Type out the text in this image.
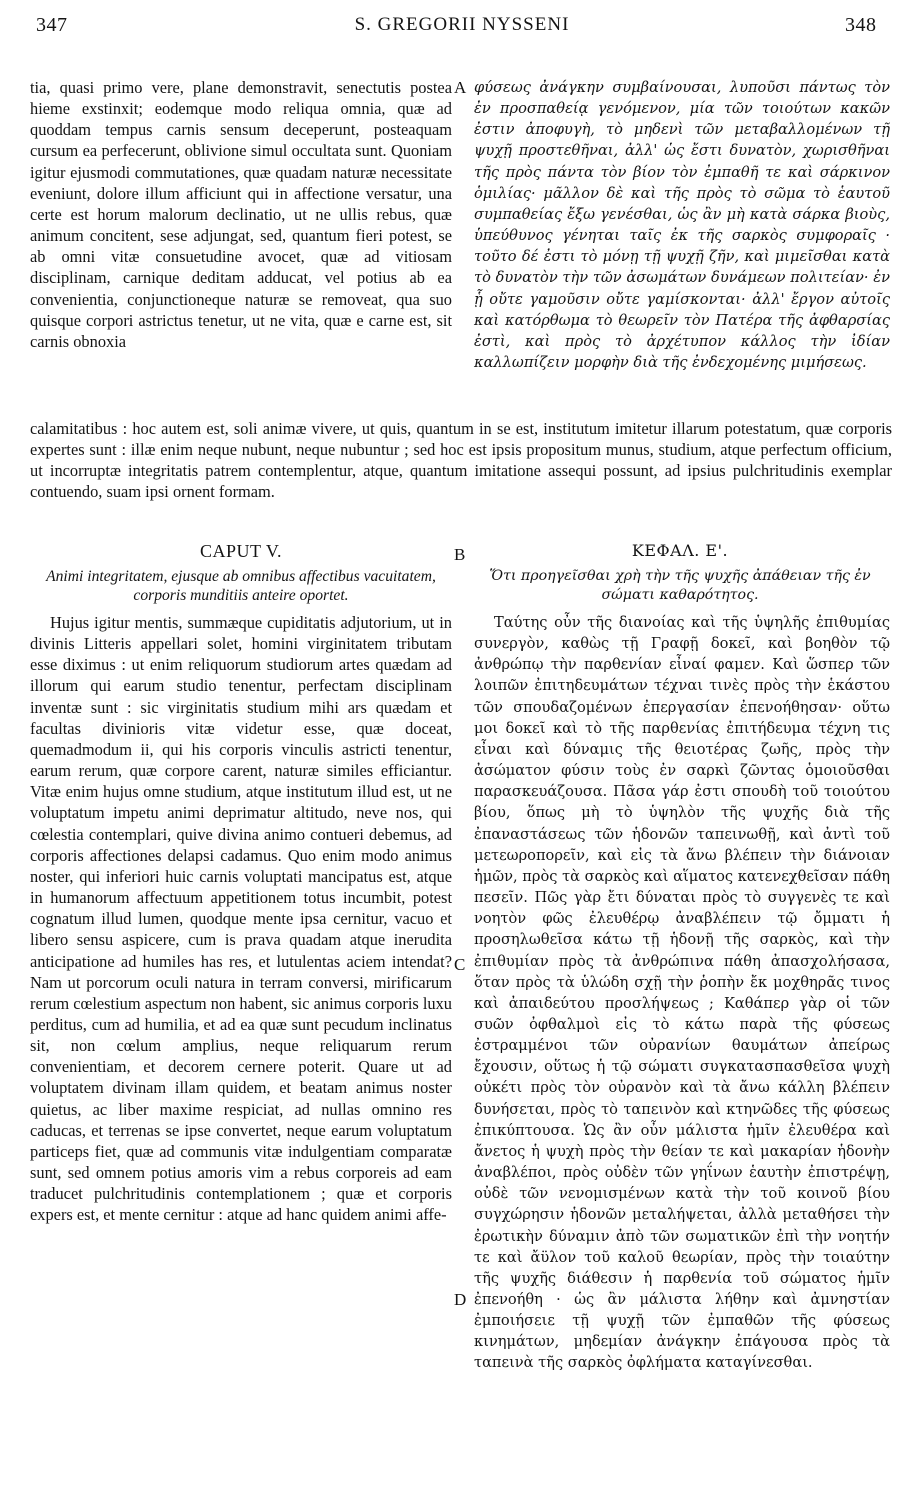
347	S. GREGORII NYSSENI	348

tia, quasi primo vere, plane demonstravit, senectutis postea hieme exstinxit; eodemque modo reliqua omnia, quæ ad quoddam tempus carnis sensum deceperunt, posteaquam cursum ea perfecerunt, oblivione simul occultata sunt. Quoniam igitur ejusmodi commutationes, quæ quadam naturæ necessitate eveniunt, dolore illum afficiunt qui in affectione versatur, una certe est horum malorum declinatio, ut ne ullis rebus, quæ animum concitent, sese adjungat, sed, quantum fieri potest, se ab omni vitæ consuetudine avocet, quæ ad vitiosam disciplinam, carnique deditam adducat, vel potius ab ea convenientia, conjunctioneque naturæ se removeat, qua suo quisque corpori astrictus tenetur, ut ne vita, quæ e carne est, sit carnis obnoxia

φύσεως ἀνάγκην συμβαίνουσαι, λυποῦσι πάντως τὸν ἐν προσπαθείᾳ γενόμενον, μία τῶν τοιούτων κακῶν ἐστιν ἀποφυγὴ, τὸ μηδενὶ τῶν μεταβαλλομένων τῇ ψυχῇ προστεθῆναι, ἀλλ' ὡς ἔστι δυνατὸν, χωρισθῆναι τῆς πρὸς πάντα τὸν βίον τὸν ἐμπαθῆ τε καὶ σάρκινον ὁμιλίας· μᾶλλον δὲ καὶ τῆς πρὸς τὸ σῶμα τὸ ἑαυτοῦ συμπαθείας ἔξω γενέσθαι, ὡς ἂν μὴ κατὰ σάρκα βιοὺς, ὑπεύθυνος γένηται ταῖς ἐκ τῆς σαρκὸς συμφοραῖς · τοῦτο δέ ἐστι τὸ μόνῃ τῇ ψυχῇ ζῆν, καὶ μιμεῖσθαι κατὰ τὸ δυνατὸν τὴν τῶν ἀσωμάτων δυνάμεων πολιτείαν· ἐν ᾗ οὔτε γαμοῦσιν οὔτε γαμίσκονται· ἀλλ' ἔργον αὐτοῖς καὶ κατόρθωμα τὸ θεωρεῖν τὸν Πατέρα τῆς ἀφθαρσίας ἐστὶ, καὶ πρὸς τὸ ἀρχέτυπον κάλλος τὴν ἰδίαν καλλωπίζειν μορφὴν διὰ τῆς ἐνδεχομένης μιμήσεως.

calamitatibus : hoc autem est, soli animæ vivere, ut quis, quantum in se est, institutum imitetur illarum potestatum, quæ corporis expertes sunt : illæ enim neque nubunt, neque nubuntur ; sed hoc est ipsis propositum munus, studium, atque perfectum officium, ut incorruptæ integritatis patrem contemplentur, atque, quantum imitatione assequi possunt, ad ipsius pulchritudinis exemplar contuendo, suam ipsi ornent formam.
CAPUT V.	ΚΕΦΑΛ. Ε'.
Animi integritatem, ejusque ab omnibus affectibus vacuitatem, corporis munditiis anteire oportet.
Ὅτι προηγεῖσθαι χρὴ τὴν τῆς ψυχῆς ἀπάθειαν τῆς ἐν σώματι καθαρότητος.

Hujus igitur mentis, summæque cupiditatis adjutorium, ut in divinis Litteris appellari solet, homini virginitatem tributam esse diximus : ut enim reliquorum studiorum artes quædam ad illorum qui earum studio tenentur, perfectam disciplinam inventæ sunt : sic virginitatis studium mihi ars quædam et facultas divinioris vitæ videtur esse, quæ doceat, quemadmodum ii, qui his corporis vinculis astricti tenentur, earum rerum, quæ corpore carent, naturæ similes efficiantur. Vitæ enim hujus omne studium, atque institutum illud est, ut ne voluptatum impetu animi deprimatur altitudo, neve nos, qui cœlestia contemplari, quive divina animo contueri debemus, ad corporis affectiones delapsi cadamus. Quo enim modo animus noster, qui inferiori huic carnis voluptati mancipatus est, atque in humanorum affectuum appetitionem totus incumbit, potest cognatum illud lumen, quodque mente ipsa cernitur, vacuo et libero sensu aspicere, cum is prava quadam atque inerudita anticipatione ad humiles has res, et lutulentas aciem intendat? Nam ut porcorum oculi natura in terram conversi, mirificarum rerum cœlestium aspectum non habent, sic animus corporis luxu perditus, cum ad humilia, et ad ea quæ sunt pecudum inclinatus sit, non cœlum amplius, neque reliquarum rerum convenientiam, et decorem cernere poterit. Quare ut ad voluptatem divinam illam quidem, et beatam animus noster quietus, ac liber maxime respiciat, ad nullas omnino res caducas, et terrenas se ipse convertet, neque earum voluptatum particeps fiet, quæ ad communis vitæ indulgentiam comparatæ sunt, sed omnem potius amoris vim a rebus corporeis ad eam traducet pulchritudinis contemplationem ; quæ et corporis expers est, et mente cernitur : atque ad hanc quidem animi affe-

Ταύτης οὖν τῆς διανοίας καὶ τῆς ὑψηλῆς ἐπιθυμίας συνεργὸν, καθὼς τῇ Γραφῇ δοκεῖ, καὶ βοηθὸν τῷ ἀνθρώπῳ τὴν παρθενίαν εἶναί φαμεν. Καὶ ὥσπερ τῶν λοιπῶν ἐπιτηδευμάτων τέχναι τινὲς πρὸς τὴν ἑκάστου τῶν σπουδαζομένων ἐπεργασίαν ἐπενοήθησαν· οὕτω μοι δοκεῖ καὶ τὸ τῆς παρθενίας ἐπιτήδευμα τέχνη τις εἶναι καὶ δύναμις τῆς θειοτέρας ζωῆς, πρὸς τὴν ἀσώματον φύσιν τοὺς ἐν σαρκὶ ζῶντας ὁμοιοῦσθαι παρασκευάζουσα. Πᾶσα γάρ ἐστι σπουδὴ τοῦ τοιούτου βίου, ὅπως μὴ τὸ ὑψηλὸν τῆς ψυχῆς διὰ τῆς ἐπαναστάσεως τῶν ἡδονῶν ταπεινωθῇ, καὶ ἀντὶ τοῦ μετεωροπορεῖν, καὶ εἰς τὰ ἄνω βλέπειν τὴν διάνοιαν ἡμῶν, πρὸς τὰ σαρκὸς καὶ αἵματος κατενεχθεῖσαν πάθη πεσεῖν. Πῶς γὰρ ἔτι δύναται πρὸς τὸ συγγενὲς τε καὶ νοητὸν φῶς ἐλευθέρῳ ἀναβλέπειν τῷ ὄμματι ἡ προσηλωθεῖσα κάτω τῇ ἡδονῇ τῆς σαρκὸς, καὶ τὴν ἐπιθυμίαν πρὸς τὰ ἀνθρώπινα πάθη ἀπασχολήσασα, ὅταν πρὸς τὰ ὑλώδη σχῇ τὴν ῥοπὴν ἔκ μοχθηρᾶς τινος καὶ ἀπαιδεύτου προσλήψεως ; Καθάπερ γὰρ οἱ τῶν συῶν ὀφθαλμοὶ εἰς τὸ κάτω παρὰ τῆς φύσεως ἐστραμμένοι τῶν οὐρανίων θαυμάτων ἀπείρως ἔχουσιν, οὕτως ἡ τῷ σώματι συγκατασπασθεῖσα ψυχὴ οὐκέτι πρὸς τὸν οὐρανὸν καὶ τὰ ἄνω κάλλη βλέπειν δυνήσεται, πρὸς τὸ ταπεινὸν καὶ κτηνῶδες τῆς φύσεως ἐπικύπτουσα. Ὡς ἂν οὖν μάλιστα ἡμῖν ἐλευθέρα καὶ ἄνετος ἡ ψυχὴ πρὸς τὴν θείαν τε καὶ μακαρίαν ἡδονὴν ἀναβλέποι, πρὸς οὐδὲν τῶν γηΐνων ἑαυτὴν ἐπιστρέψῃ, οὐδὲ τῶν νενομισμένων κατὰ τὴν τοῦ κοινοῦ βίου συγχώρησιν ἡδονῶν μεταλήψεται, ἀλλὰ μεταθήσει τὴν ἐρωτικὴν δύναμιν ἀπὸ τῶν σωματικῶν ἐπὶ τὴν νοητήν τε καὶ ἄϋλον τοῦ καλοῦ θεωρίαν, πρὸς τὴν τοιαύτην τῆς ψυχῆς διάθεσιν ἡ παρθενία τοῦ σώματος ἡμῖν ἐπενοήθη · ὡς ἂν μάλιστα λήθην καὶ ἀμνηστίαν ἐμποιήσειε τῇ ψυχῇ τῶν ἐμπαθῶν τῆς φύσεως κινημάτων, μηδεμίαν ἀνάγκην ἐπάγουσα πρὸς τὰ ταπεινὰ τῆς σαρκὸς ὀφλήματα καταγίνεσθαι.

A
B
C
D
